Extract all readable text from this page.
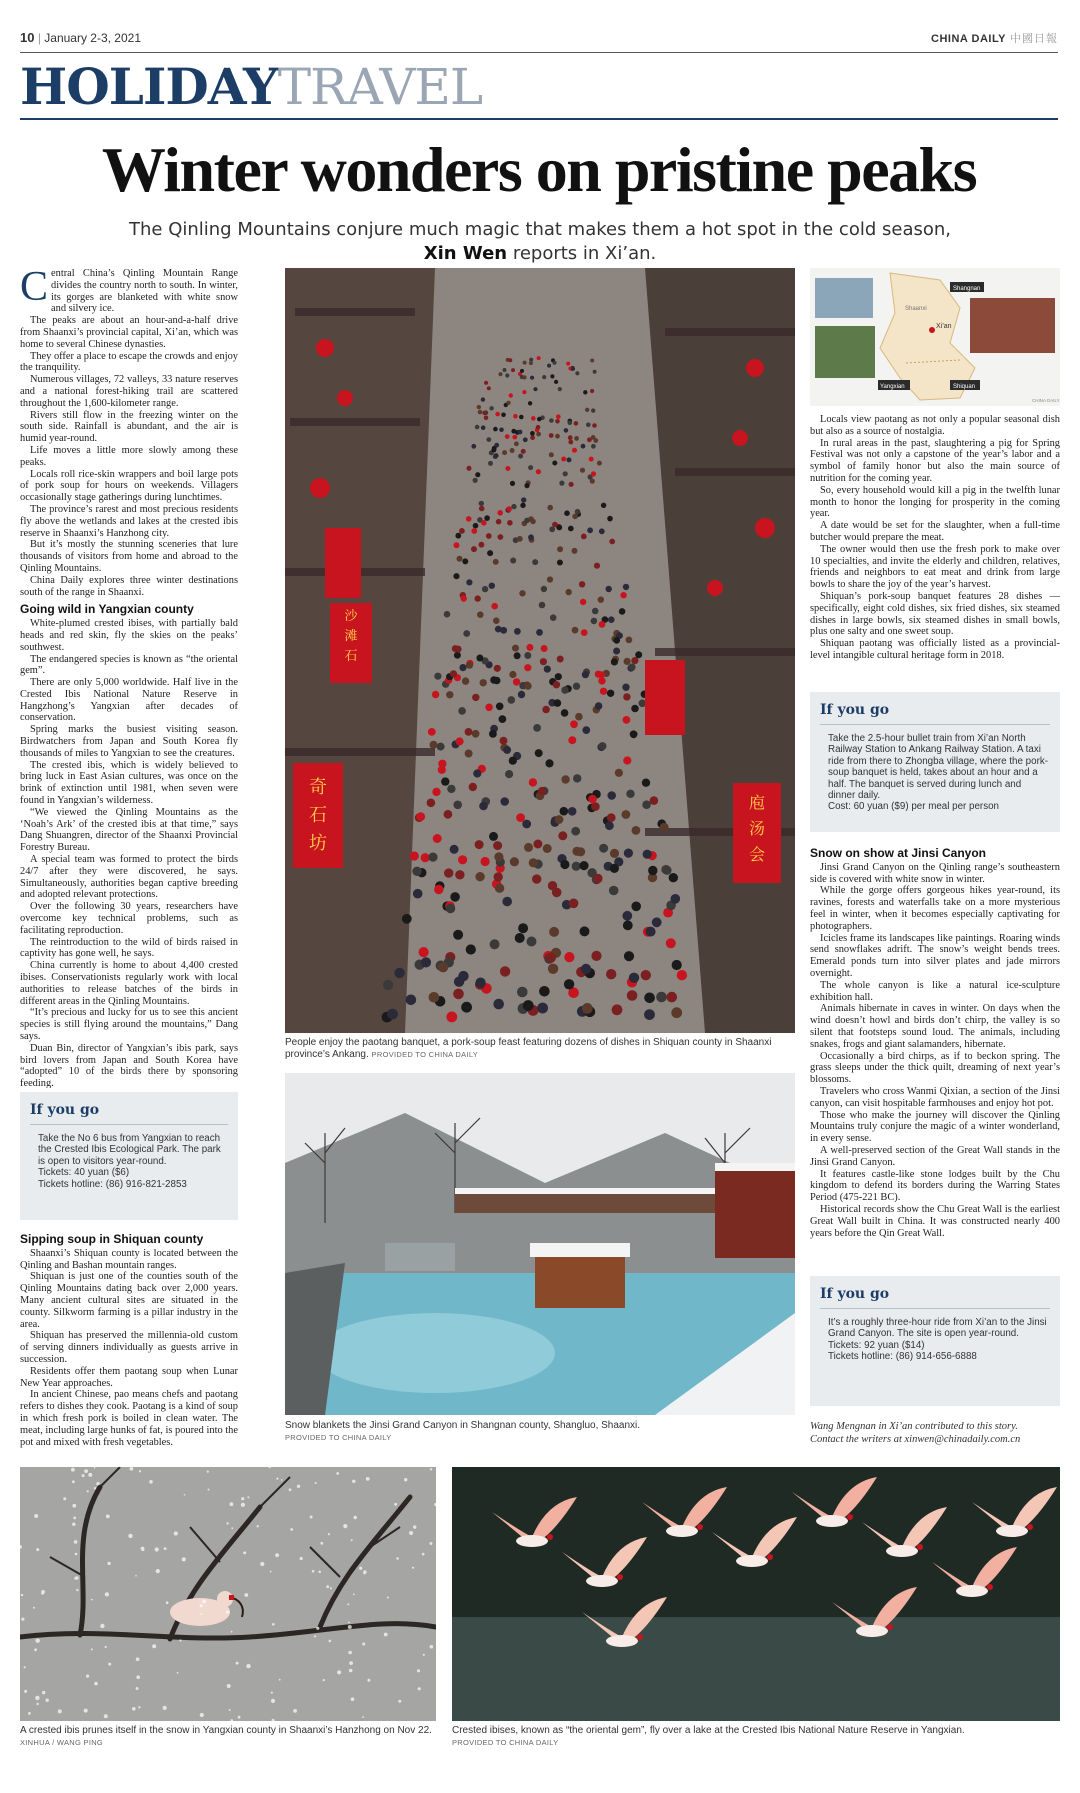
10 | January 2-3, 2021	CHINA DAILY 中國日報
HOLIDAYTRAVEL
Winter wonders on pristine peaks
The Qinling Mountains conjure much magic that makes them a hot spot in the cold season,
Xin Wen reports in Xi’an.
C entral China’s Qinling Mountain Range divides the country north to south. In winter, its gorges are blanketed with white snow and silvery ice.

The peaks are about an hour-and-a-half drive from Shaanxi’s provincial capital, Xi’an, which was home to several Chinese dynasties.

They offer a place to escape the crowds and enjoy the tranquility.

Numerous villages, 72 valleys, 33 nature reserves and a national forest-hiking trail are scattered throughout the 1,600-kilometer range.

Rivers still flow in the freezing winter on the south side. Rainfall is abundant, and the air is humid year-round.

Life moves a little more slowly among these peaks.

Locals roll rice-skin wrappers and boil large pots of pork soup for hours on weekends. Villagers occasionally stage gatherings during lunchtimes.

The province’s rarest and most precious residents fly above the wetlands and lakes at the crested ibis reserve in Shaanxi’s Hanzhong city.

But it’s mostly the stunning sceneries that lure thousands of visitors from home and abroad to the Qinling Mountains.

China Daily explores three winter destinations south of the range in Shaanxi.

Going wild in Yangxian county

White-plumed crested ibises, with partially bald heads and red skin, fly the skies on the peaks’ southwest.

The endangered species is known as “the oriental gem”.

There are only 5,000 worldwide. Half live in the Crested Ibis National Nature Reserve in Hangzhong’s Yangxian after decades of conservation.

Spring marks the busiest visiting season. Birdwatchers from Japan and South Korea fly thousands of miles to Yangxian to see the creatures.

The crested ibis, which is widely believed to bring luck in East Asian cultures, was once on the brink of extinction until 1981, when seven were found in Yangxian’s wilderness.

“We viewed the Qinling Mountains as the ‘Noah’s Ark’ of the crested ibis at that time,” says Dang Shuangren, director of the Shaanxi Provincial Forestry Bureau.

A special team was formed to protect the birds 24/7 after they were discovered, he says. Simultaneously, authorities began captive breeding and adopted relevant protections.

Over the following 30 years, researchers have overcome key technical problems, such as facilitating reproduction.

The reintroduction to the wild of birds raised in captivity has gone well, he says.

China currently is home to about 4,400 crested ibises. Conservationists regularly work with local authorities to release batches of the birds in different areas in the Qinling Mountains.

“It’s precious and lucky for us to see this ancient species is still flying around the mountains,” Dang says.

Duan Bin, director of Yangxian’s ibis park, says bird lovers from Japan and South Korea have “adopted” 10 of the birds there by sponsoring feeding.

If you go
Take the No 6 bus from Yangxian to reach the Crested Ibis Ecological Park. The park is open to visitors year-round.
Tickets: 40 yuan ($6)
Tickets hotline: (86) 916-821-2853
Sipping soup in Shiquan county

Shaanxi’s Shiquan county is located between the Qinling and Bashan mountain ranges.

Shiquan is just one of the counties south of the Qinling Mountains dating back over 2,000 years. Many ancient cultural sites are situated in the county. Silkworm farming is a pillar industry in the area.

Shiquan has preserved the millennia-old custom of serving dinners individually as guests arrive in succession.

Residents offer them paotang soup when Lunar New Year approaches.

In ancient Chinese, pao means chefs and paotang refers to dishes they cook. Paotang is a kind of soup in which fresh pork is boiled in clean water. The meat, including large hunks of fat, is poured into the pot and mixed with fresh vegetables.

奇石坊
沙滩石
庖汤会
People enjoy the paotang banquet, a pork-soup feast featuring dozens of dishes in Shiquan county in Shaanxi province’s Ankang. PROVIDED TO CHINA DAILY
Snow blankets the Jinsi Grand Canyon in Shangnan county, Shangluo, Shaanxi.
PROVIDED TO CHINA DAILY
Xi’an
Shaanxi
Shangnan
Yangxian	Shiquan
CHINA DAILY

Locals view paotang as not only a popular seasonal dish but also as a source of nostalgia.

In rural areas in the past, slaughtering a pig for Spring Festival was not only a capstone of the year’s labor and a symbol of family honor but also the main source of nutrition for the coming year.

So, every household would kill a pig in the twelfth lunar month to honor the longing for prosperity in the coming year.

A date would be set for the slaughter, when a full-time butcher would prepare the meat.

The owner would then use the fresh pork to make over 10 specialties, and invite the elderly and children, relatives, friends and neighbors to eat meat and drink from large bowls to share the joy of the year’s harvest.

Shiquan’s pork-soup banquet features 28 dishes — specifically, eight cold dishes, six fried dishes, six steamed dishes in large bowls, six steamed dishes in small bowls, plus one salty and one sweet soup.

Shiquan paotang was officially listed as a provincial-level intangible cultural heritage form in 2018.

If you go
Take the 2.5-hour bullet train from Xi’an North Railway Station to Ankang Railway Station. A taxi ride from there to Zhongba village, where the pork-soup banquet is held, takes about an hour and a half. The banquet is served during lunch and dinner daily.
Cost: 60 yuan ($9) per meal per person
Snow on show at Jinsi Canyon

Jinsi Grand Canyon on the Qinling range’s southeastern side is covered with white snow in winter.

While the gorge offers gorgeous hikes year-round, its ravines, forests and waterfalls take on a more mysterious feel in winter, when it becomes especially captivating for photographers.

Icicles frame its landscapes like paintings. Roaring winds send snowflakes adrift. The snow’s weight bends trees. Emerald ponds turn into silver plates and jade mirrors overnight.

The whole canyon is like a natural ice-sculpture exhibition hall.

Animals hibernate in caves in winter. On days when the wind doesn’t howl and birds don’t chirp, the valley is so silent that footsteps sound loud. The animals, including snakes, frogs and giant salamanders, hibernate.

Occasionally a bird chirps, as if to beckon spring. The grass sleeps under the thick quilt, dreaming of next year’s blossoms.

Travelers who cross Wanmi Qixian, a section of the Jinsi canyon, can visit hospitable farmhouses and enjoy hot pot.

Those who make the journey will discover the Qinling Mountains truly conjure the magic of a winter wonderland, in every sense.

A well-preserved section of the Great Wall stands in the Jinsi Grand Canyon.

It features castle-like stone lodges built by the Chu kingdom to defend its borders during the Warring States Period (475-221 BC).

Historical records show the Chu Great Wall is the earliest Great Wall built in China. It was constructed nearly 400 years before the Qin Great Wall.

If you go
It’s a roughly three-hour ride from Xi’an to the Jinsi Grand Canyon. The site is open year-round.
Tickets: 92 yuan ($14)
Tickets hotline: (86) 914-656-6888
Wang Mengnan in Xi’an contributed to this story.
Contact the writers at xinwen@chinadaily.com.cn
A crested ibis prunes itself in the snow in Yangxian county in Shaanxi’s Hanzhong on Nov 22. XINHUA / WANG PING
Crested ibises, known as “the oriental gem”, fly over a lake at the Crested Ibis National Nature Reserve in Yangxian.
PROVIDED TO CHINA DAILY
